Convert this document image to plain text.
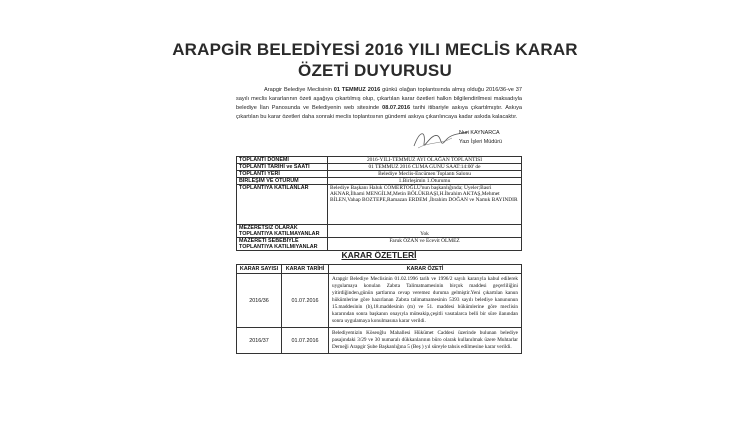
ARAPGİR BELEDİYESİ 2016 YILI MECLİS KARAR
ÖZETİ DUYURUSU

Arapgir Belediye Meclisinin 01 TEMMUZ 2016 günkü olağan toplantısında almış olduğu 2016/36-ve 37 sayılı meclis kararlarının özeti aşağıya çıkartılmış olup, çıkartılan karar özetleri halkın bilgilendirilmesi maksadıyla belediye İlan Panosunda ve Belediyenin web sitesinde 08.07.2016 tarihi itibariyle askıya çıkartılmıştır. Askıya çıkartılan bu karar özetleri daha sonraki meclis toplantısının gündemi askıya çıkarılıncaya kadar askıda kalacaktır.

Nuri KAYNARCA
Yazı İşleri Müdürü
TOPLANTI DÖNEMİ	2016-YILI-TEMMUZ AYI OLAĞAN TOPLANTISI
TOPLANTI TARİHİ ve SAATİ	01 TEMMUZ 2016 CUMA GÜNÜ SAAT:14:00' de
TOPLANTI YERİ	Belediye Meclis-Encümen Toplantı Salonu
BİRLEŞİM VE OTURUM	1.Birleşimin 1.Oturumu
TOPLANTIYA KATILANLAR	Belediye Başkanı Haluk CÖMERTOĞLU'nun başkanlığında; Üyeler;Basri AKNAR,İlhami MENGİLM,Metin BÖLÜKBAŞI,H.İbrahim AKTAŞ,Mehmet BİLEN,Vahap BOZTEPE,Ramazan ERDEM ,İbrahim DOĞAN ve Namık BAYINDIR
MEZERETSİZ OLARAK TOPLANTIYA KATILMAYANLAR	Yok
MAZERETİ SEBEBİYLE TOPLANTIYA KATILMIYANLAR	Faruk ÖZAN ve Ecevit ÖLMEZ
KARAR ÖZETLERİ
KARAR SAYISI	KARAR TARİHİ	KARAR ÖZETİ
2016/36	01.07.2016	Arapgir Belediye Meclisinin 01.02.1996 tarih ve 1996/2 sayılı kararıyla kabul edilerek uygulamaya konulan Zabıta Talimatnamesinin birçok maddesi geçerliliğini yitirdiğinden,günün şartlarına cevap veremez duruma gelmiştir.Yeni çıkartılan kanun hükümlerine göre hazırlanan Zabıta talimatnamesinin 5393 sayılı belediye kanununun 15.maddesinin (b),18.maddesinin (m) ve 51. maddesi hükümlerine göre meclisin kararından sonra başkanın onayıyla müteakip,çeşitli vasıtalarca belli bir süre ilanından sonra uygulamaya konulmasına karar verildi.
2016/37	01.07.2016	Belediyemizin Köseoğlu Mahallesi Hükümet Caddesi üzerinde bulunan belediye pasajındaki 3/29 ve 30 numaralı dükkanlarının büro olarak kullanılmak üzere Muhtarlar Derneği Arapgir Şube Başkanlığına 5 (Beş ) yıl süreyle tahsis edilmesine karar verildi.
